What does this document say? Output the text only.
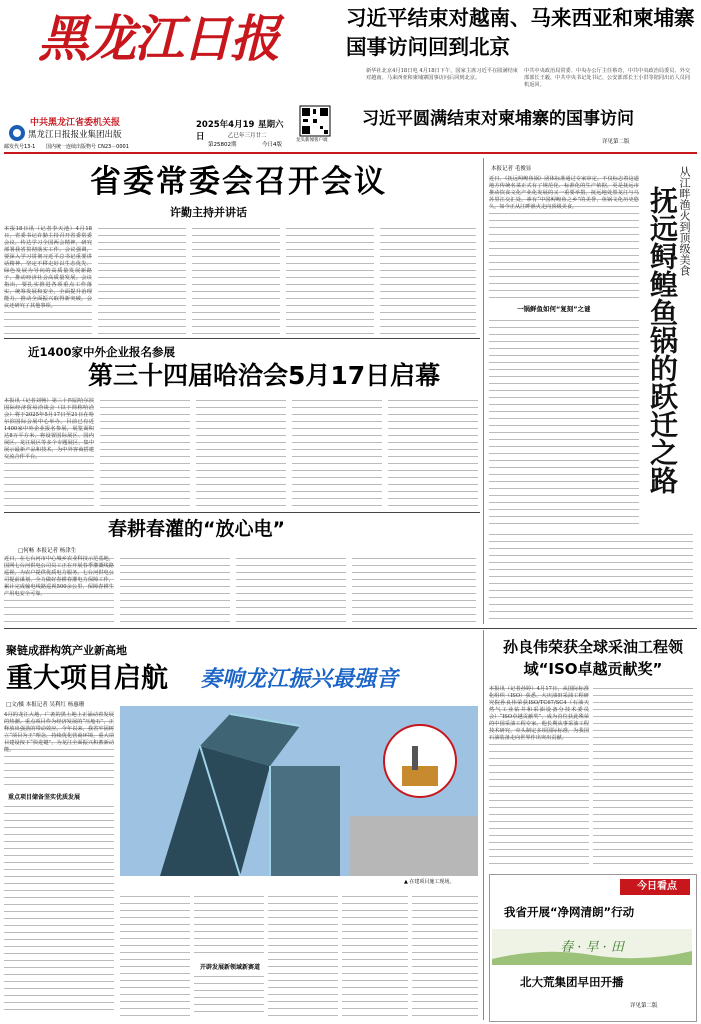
黑龙江日报
中共黑龙江省委机关报
黑龙江日报报业集团出版
邮发代号13-1	国内统一连续出版物号 CN23－0001
2025年4月19日
星期六
乙巳年三月廿二
第25802期	今日4版
龙头新闻客户端
习近平结束对越南、马来西亚和柬埔寨国事访问回到北京
新华社北京4月18日电 4月18日下午，国家主席习近平在圆满结束对越南、马来西亚和柬埔寨国事访问后回到北京。
中共中央政治局常委、中央办公厅主任蔡奇，中共中央政治局委员、外交部部长王毅，中共中央书记处书记、公安部部长王小洪等陪同出访人员同机返回。
习近平圆满结束对柬埔寨的国事访问
详见第二版
省委常委会召开会议
许勤主持并讲话
本报18日讯（记者李天池）4月18日，省委书记许勤主持召开省委常委会议，传达学习全国两会精神，研究部署我省贯彻落实工作。会议强调，要深入学习贯彻习近平总书记重要讲话精神，坚定不移走好以生态优先、绿色发展为导向的高质量发展新路子，推动经济社会高质量发展。会议指出，要扎实推进各项重点工作落实，统筹发展和安全，全面提升治理能力，推动全面振兴取得新突破。会议还研究了其他事项。
本报记者 毛俊显	从江畔渔火到顶级美食
抚远鲟鳇鱼锅的跃迁之路
近日，《抚远鲟鳇鱼锅》团体标准通过专家审定。不仅标志着这道地方传统名菜正式有了规范化、标准化的生产依据，更是抚远市推动饮食文化产业化发展的又一重要举措。抚远地处黑龙江与乌苏里江交汇处，素有“中国鲟鳇鱼之乡”的美誉，鱼锅文化历史悠久，如今正从江畔渔火走向顶级美食。
一锅鲜鱼如何“复刻”之谜
近1400家中外企业报名参展
第三十四届哈洽会5月17日启幕
本报讯（记者刘畅）第三十四届哈尔滨国际经济贸易洽谈会（以下简称哈洽会）将于2025年5月17日至21日在哈尔滨国际会展中心举办。目前已有近1400家中外企业报名参展，展览面积达8万平方米，将设置国际展区、国内展区、龙江展区等多个专题展区，集中展示最新产品和技术，为中外客商搭建交流合作平台。
春耕春灌的“放心电”
□何畅 本报记者 杨津生
近日，在七台河市中心城乡农业科技示范基地，国网七台河供电公司员工正在开展春季灌溉线路巡视，为农户提供优质电力服务。七台河供电公司提前谋划，全力做好春耕春灌电力保障工作，累计完成输电线路巡视500余公里，保障春耕生产用电安全可靠。
聚链成群构筑产业新高地
重大项目启航	奏响龙江振兴最强音
□文/摄 本报记者 吴利红 杨惠珊
4月的龙江大地，广袤的黑土地上正涌动着发展的热潮。重点项目作为经济发展的“压舱石”，正释放出强劲的带动效应。今年以来，我省牢固树立“项目为王”理念，持续优化营商环境，重大项目建设按下“快进键”，为龙江全面振兴积蓄新动能。
重点项目储备坚实优质发展
▲ 在建项目施工现场。
开辟发展新领域新赛道
孙良伟荣获全球采油工程领域“ISO卓越贡献奖”
本报讯（记者孙婷）4月17日，从国际标准化组织（ISO）获悉，大庆油田采油工程研究院孙良伟荣获ISO/TC67/SC4（石油天然气工业钻井和采油设备分技术委员会）“ISO卓越贡献奖”，成为首位获此殊荣的中国采油工程专家。他长期从事采油工程技术研究，牵头制定多项国际标准，为我国石油装备走向世界作出突出贡献。
今日看点
我省开展“净网清朗”行动
春 · 早 · 田
北大荒集团早田开播
详见第二版
